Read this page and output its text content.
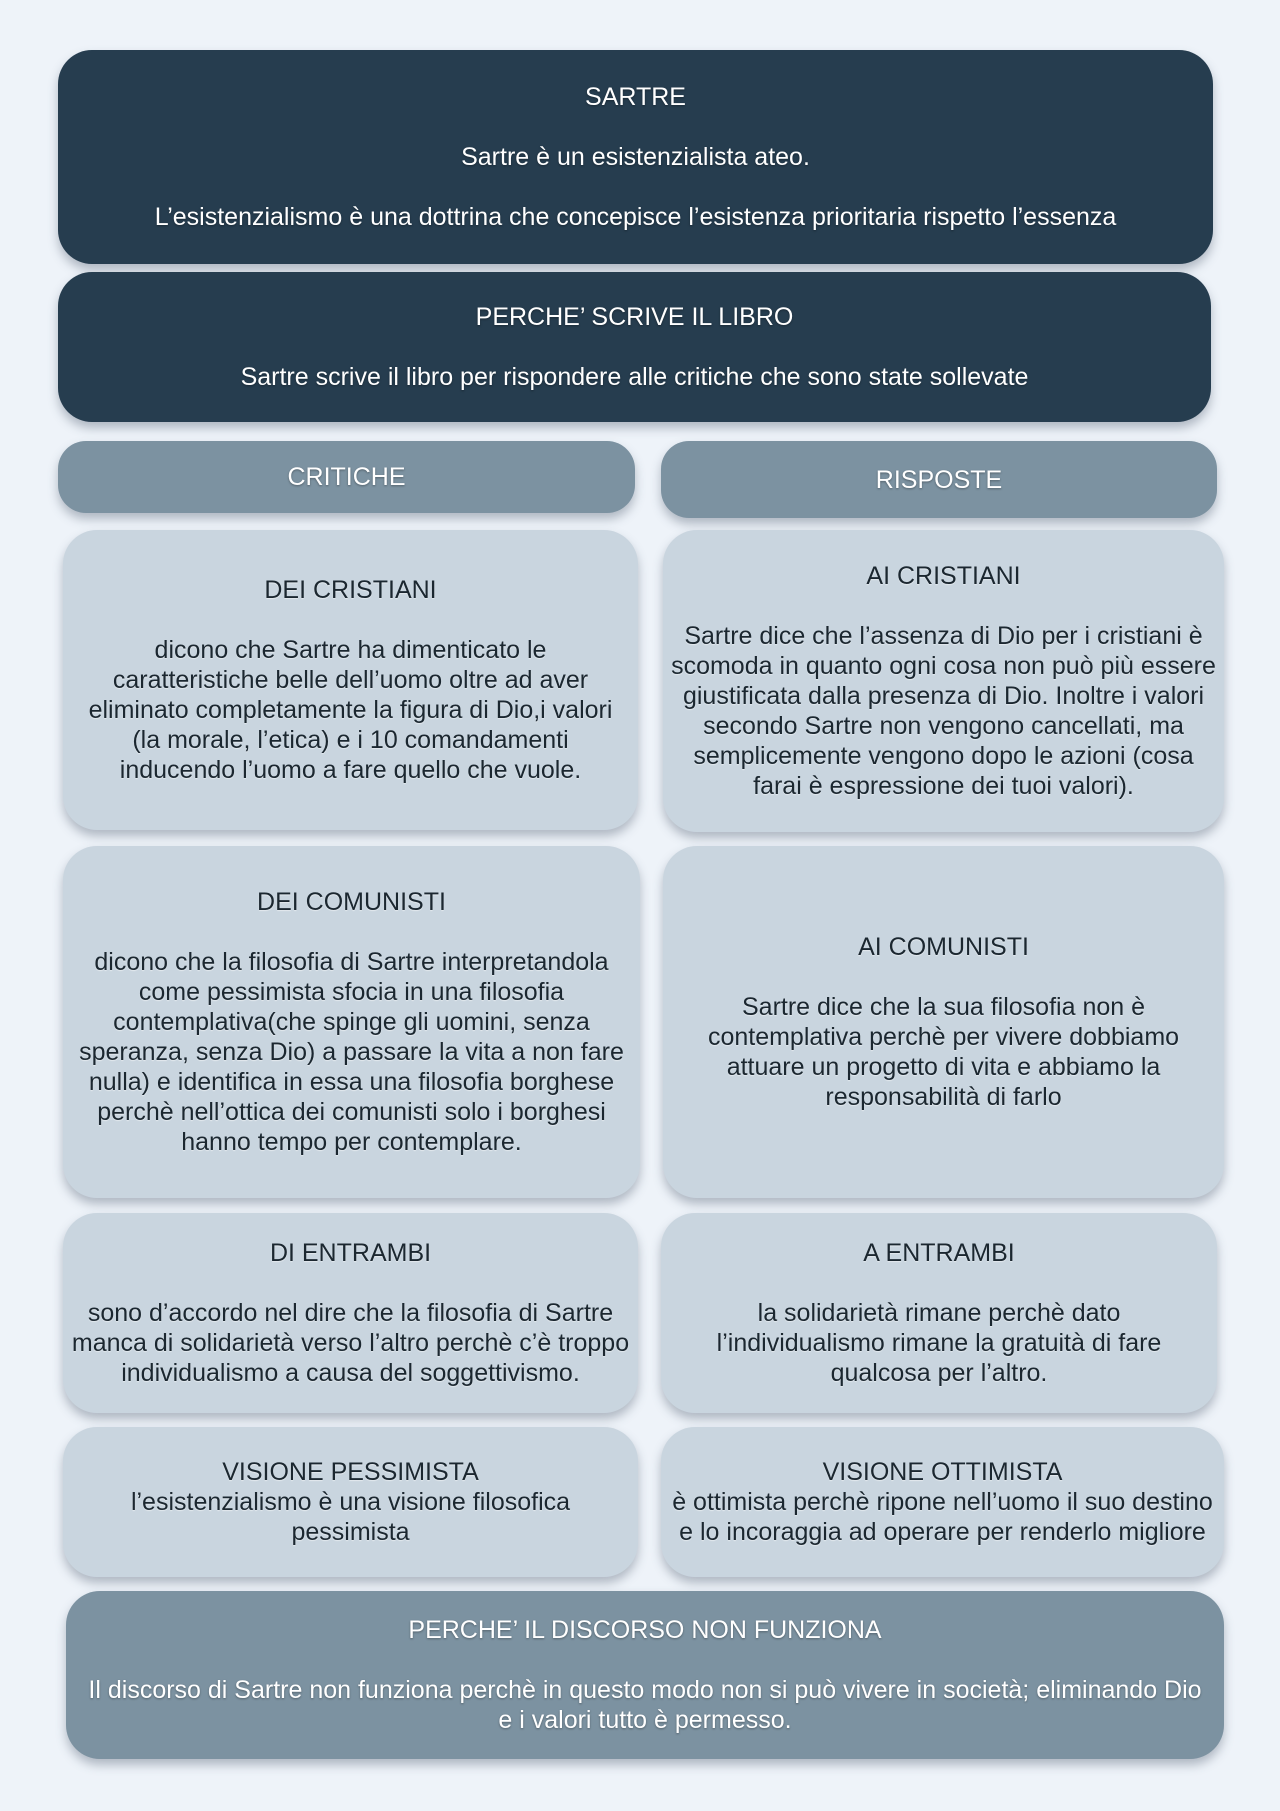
SARTRE
Sartre è un esistenzialista ateo.
L’esistenzialismo è una dottrina che concepisce l’esistenza prioritaria rispetto l’essenza
PERCHE’ SCRIVE IL LIBRO
Sartre scrive il libro per rispondere alle critiche che sono state sollevate
CRITICHE	RISPOSTE
DEI CRISTIANI
dicono che Sartre ha dimenticato le caratteristiche belle dell’uomo oltre ad aver eliminato completamente la figura di Dio,i valori (la morale, l’etica) e i 10 comandamenti inducendo l’uomo a fare quello che vuole.
DEI COMUNISTI
dicono che la filosofia di Sartre interpretandola come pessimista sfocia in una filosofia contemplativa(che spinge gli uomini, senza speranza, senza Dio) a passare la vita a non fare nulla) e identifica in essa una filosofia borghese perchè nell’ottica dei comunisti solo i borghesi hanno tempo per contemplare.
DI ENTRAMBI
sono d’accordo nel dire che la filosofia di Sartre manca di solidarietà verso l’altro perchè c’è troppo individualismo a causa del soggettivismo.
VISIONE PESSIMISTA
l’esistenzialismo è una visione filosofica pessimista
AI CRISTIANI
Sartre dice che l’assenza di Dio per i cristiani è scomoda in quanto ogni cosa non può più essere giustificata dalla presenza di Dio. Inoltre i valori secondo Sartre non vengono cancellati, ma semplicemente vengono dopo le azioni (cosa farai è espressione dei tuoi valori).
AI COMUNISTI
Sartre dice che la sua filosofia non è contemplativa perchè per vivere dobbiamo attuare un progetto di vita e abbiamo la responsabilità di farlo
A ENTRAMBI
la solidarietà rimane perchè dato l’individualismo rimane la gratuità di fare qualcosa per l’altro.
VISIONE OTTIMISTA
è ottimista perchè ripone nell’uomo il suo destino e lo incoraggia ad operare per renderlo migliore
PERCHE’ IL DISCORSO NON FUNZIONA
Il discorso di Sartre non funziona perchè in questo modo non si può vivere in società; eliminando Dio e i valori tutto è permesso.
